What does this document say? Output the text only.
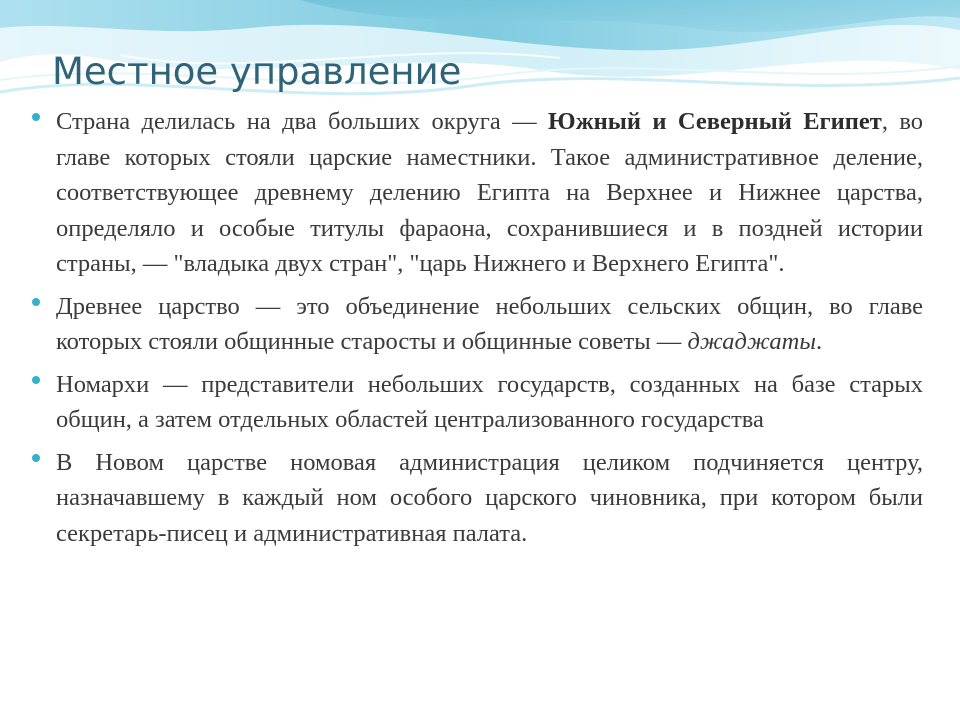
Местное управление
Страна делилась на два больших округа — Южный и Северный Египет, во главе которых стояли царские наместники. Такое административное деление, соответствующее древнему делению Египта на Верхнее и Нижнее царства, определяло и особые титулы фараона, сохранившиеся и в поздней истории страны, — "владыка двух стран", "царь Нижнего и Верхнего Египта".
Древнее царство — это объединение небольших сельских общин, во главе которых стояли общинные старосты и общинные советы — джаджаты.
Номархи — представители небольших государств, созданных на базе старых общин, а затем отдельных областей централизованного государства
В Новом царстве номовая администрация целиком подчиняется центру, назначавшему в каждый ном особого царского чиновника, при котором были секретарь-писец и административная палата.
